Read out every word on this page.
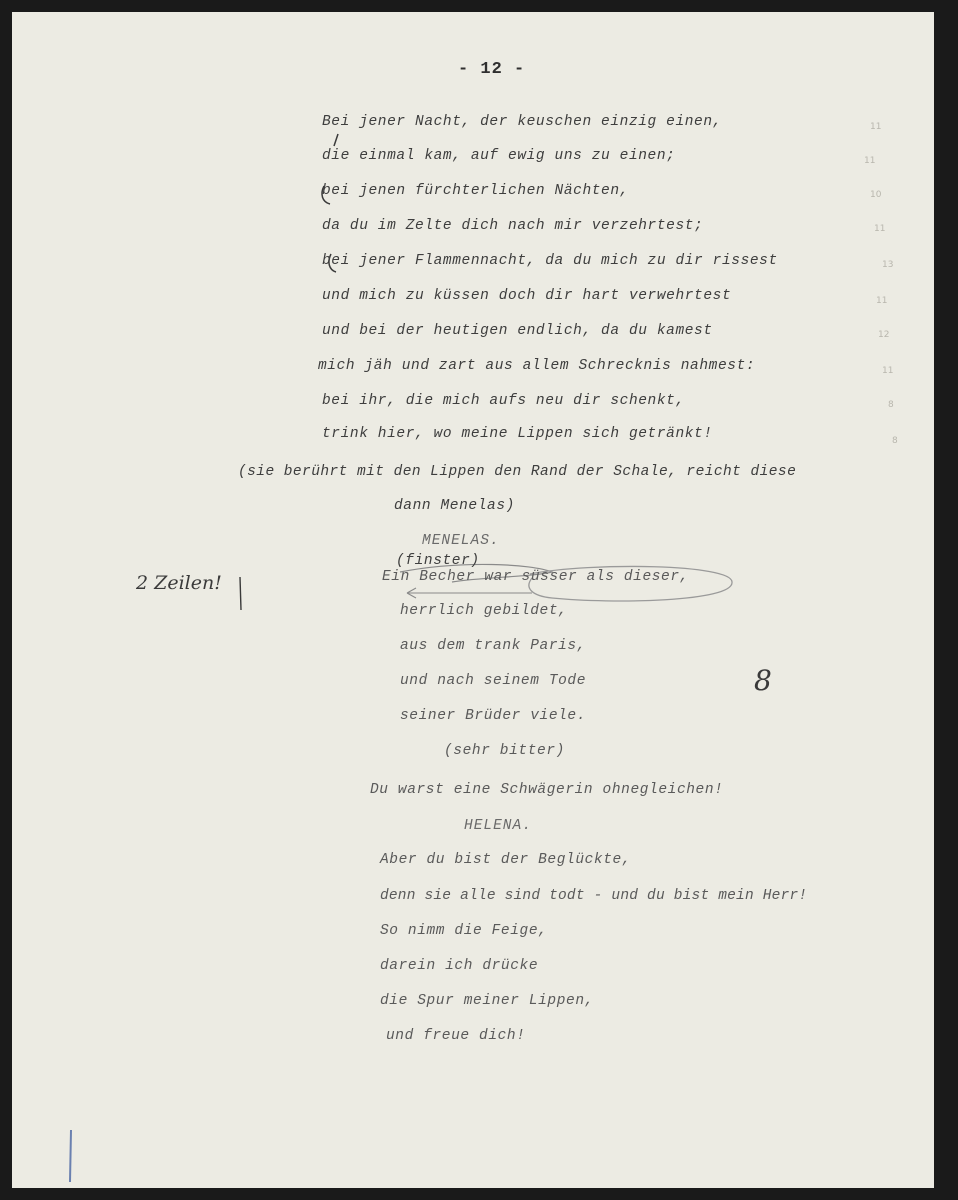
- 12 -
Bei jener Nacht, der keuschen einzig einen,
die einmal kam, auf ewig uns zu einen;
bei jenen fürchterlichen Nächten,
da du im Zelte dich nach mir verzehrtest;
bei jener Flammennacht, da du mich zu dir rissest
und mich zu küssen doch dir hart verwehrtest
und bei der heutigen endlich, da du kamest
mich jäh und zart aus allem Schrecknis nahmest:
bei ihr, die mich aufs neu dir schenkt,
trink hier, wo meine Lippen sich getränkt!
(sie berührt mit den Lippen den Rand der Schale, reicht diese
dann Menelas)
MENELAS.
(finster)
Ein Becher war süsser als dieser,
herrlich gebildet,
aus dem trank Paris,
und nach seinem Tode
seiner Brüder viele.
(sehr bitter)
Du warst eine Schwägerin ohnegleichen!
HELENA.
Aber du bist der Beglückte,
denn sie alle sind todt - und du bist mein Herr!
So nimm die Feige,
darein ich drücke
die Spur meiner Lippen,
und freue dich!
2 Zeilen!
8
11
11
10
11
13
11
12
11
8
8
